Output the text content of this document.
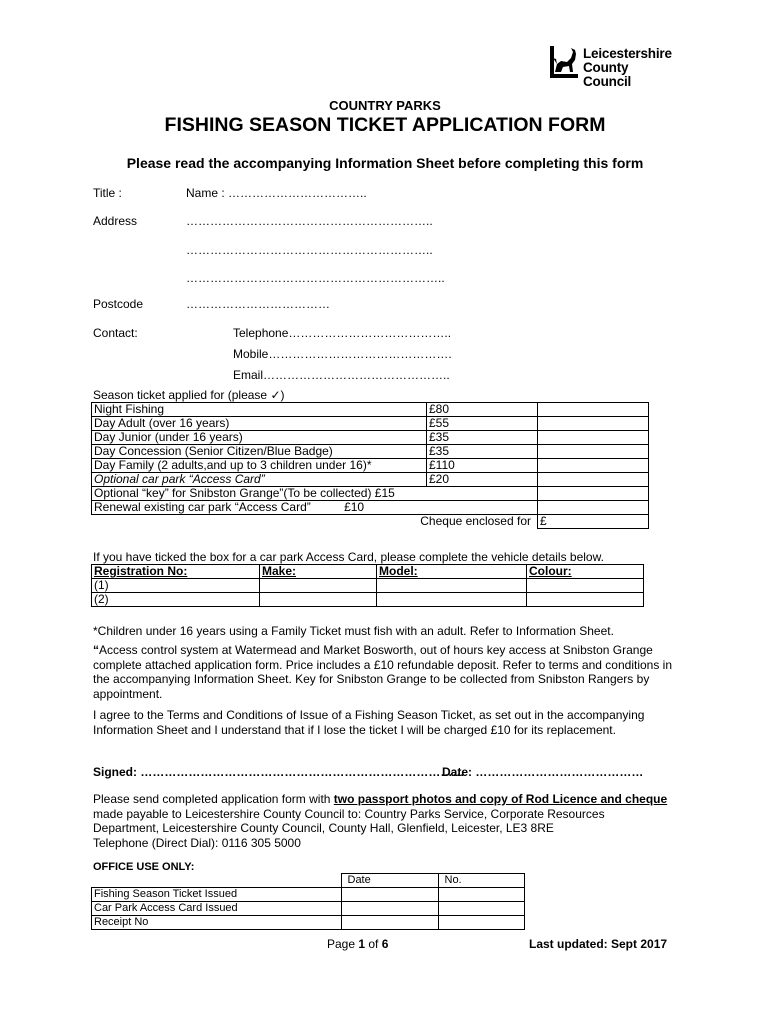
Leicestershire
County Council
COUNTRY PARKS
FISHING SEASON TICKET APPLICATION FORM
Please read the accompanying Information Sheet before completing this form
Title :	Name : ……………………………..
Address	……………………………………………………..
……………………………………………………..
………………………………………………………..
Postcode	………………………………
Contact:	Telephone…………………………………..
Mobile……………………………………….
Email………………………………………..
Season ticket applied for (please ✓)
Night Fishing	£80	
Day Adult (over 16 years)	£55	
Day Junior (under 16 years)	£35	
Day Concession (Senior Citizen/Blue Badge)	£35	
Day Family (2 adults,and up to 3 children under 16)*	£110	
Optional car park “Access Card”	£20	
Optional “key” for Snibston Grange”(To be collected) £15		
Renewal existing car park “Access Card”          £10		
Cheque enclosed for		£
If you have ticked the box for a car park Access Card, please complete the vehicle details below.
Registration No:	Make:	Model:	Colour:
(1)			
(2)			
*Children under 16 years using a Family Ticket must fish with an adult. Refer to Information Sheet.
“Access control system at Watermead and Market Bosworth, out of hours key access at Snibston Grange complete attached application form. Price includes a £10 refundable deposit. Refer to terms and conditions in the accompanying Information Sheet. Key for Snibston Grange to be collected from Snibston Rangers by appointment.
I agree to the Terms and Conditions of Issue of a Fishing Season Ticket, as set out in the accompanying Information Sheet and I understand that if I lose the ticket I will be charged £10 for its replacement.
Signed: ………………………………………………………………………
Date: ……………………………………
Please send completed application form with two passport photos and copy of Rod Licence and cheque made payable to Leicestershire County Council to: Country Parks Service, Corporate Resources Department, Leicestershire County Council, County Hall, Glenfield, Leicester, LE3 8RE
Telephone (Direct Dial): 0116 305 5000
OFFICE USE ONLY:
	Date	No.
Fishing Season Ticket Issued		
Car Park Access Card Issued		
Receipt No		
Page 1 of 6	Last updated: Sept 2017
